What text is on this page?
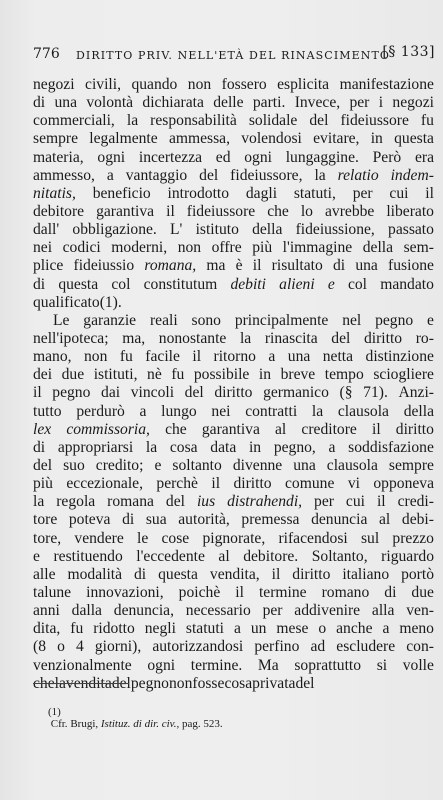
776 DIRITTO PRIV. NELL'ETÀ DEL RINASCIMENTO
[§ 133]
negozi civili, quando non fossero esplicita manifestazione
di una volontà dichiarata delle parti. Invece, per i negozi
commerciali, la responsabilità solidale del fideiussore fu
sempre legalmente ammessa, volendosi evitare, in questa
materia, ogni incertezza ed ogni lungaggine. Però era
ammesso, a vantaggio del fideiussore, la relatio indem-
nitatis, beneficio introdotto dagli statuti, per cui il
debitore garantiva il fideiussore che lo avrebbe liberato
dall' obbligazione. L' istituto della fideiussione, passato
nei codici moderni, non offre più l'immagine della sem-
plice fideiussio romana, ma è il risultato di una fusione
di questa col constitutum debiti alieni e col mandato
qualificato (1).
Le garanzie reali sono principalmente nel pegno e
nell'ipoteca; ma, nonostante la rinascita del diritto ro-
mano, non fu facile il ritorno a una netta distinzione
dei due istituti, nè fu possibile in breve tempo sciogliere
il pegno dai vincoli del diritto germanico (§ 71). Anzi-
tutto perdurò a lungo nei contratti la clausola della
lex commissoria, che garantiva al creditore il diritto
di appropriarsi la cosa data in pegno, a soddisfazione
del suo credito; e soltanto divenne una clausola sempre
più eccezionale, perchè il diritto comune vi opponeva
la regola romana del ius distrahendi, per cui il credi-
tore poteva di sua autorità, premessa denuncia al debi-
tore, vendere le cose pignorate, rifacendosi sul prezzo
e restituendo l'eccedente al debitore. Soltanto, riguardo
alle modalità di questa vendita, il diritto italiano portò
talune innovazioni, poichè il termine romano di due
anni dalla denuncia, necessario per addivenire alla ven-
dita, fu ridotto negli statuti a un mese o anche a meno
(8 o 4 giorni), autorizzandosi perfino ad escludere con-
venzionalmente ogni termine. Ma soprattutto si volle
che la vendita del pegno non fosse cosa privata del

(1)
Cfr. Brugi, Istituz. di dir. civ., pag. 523.
